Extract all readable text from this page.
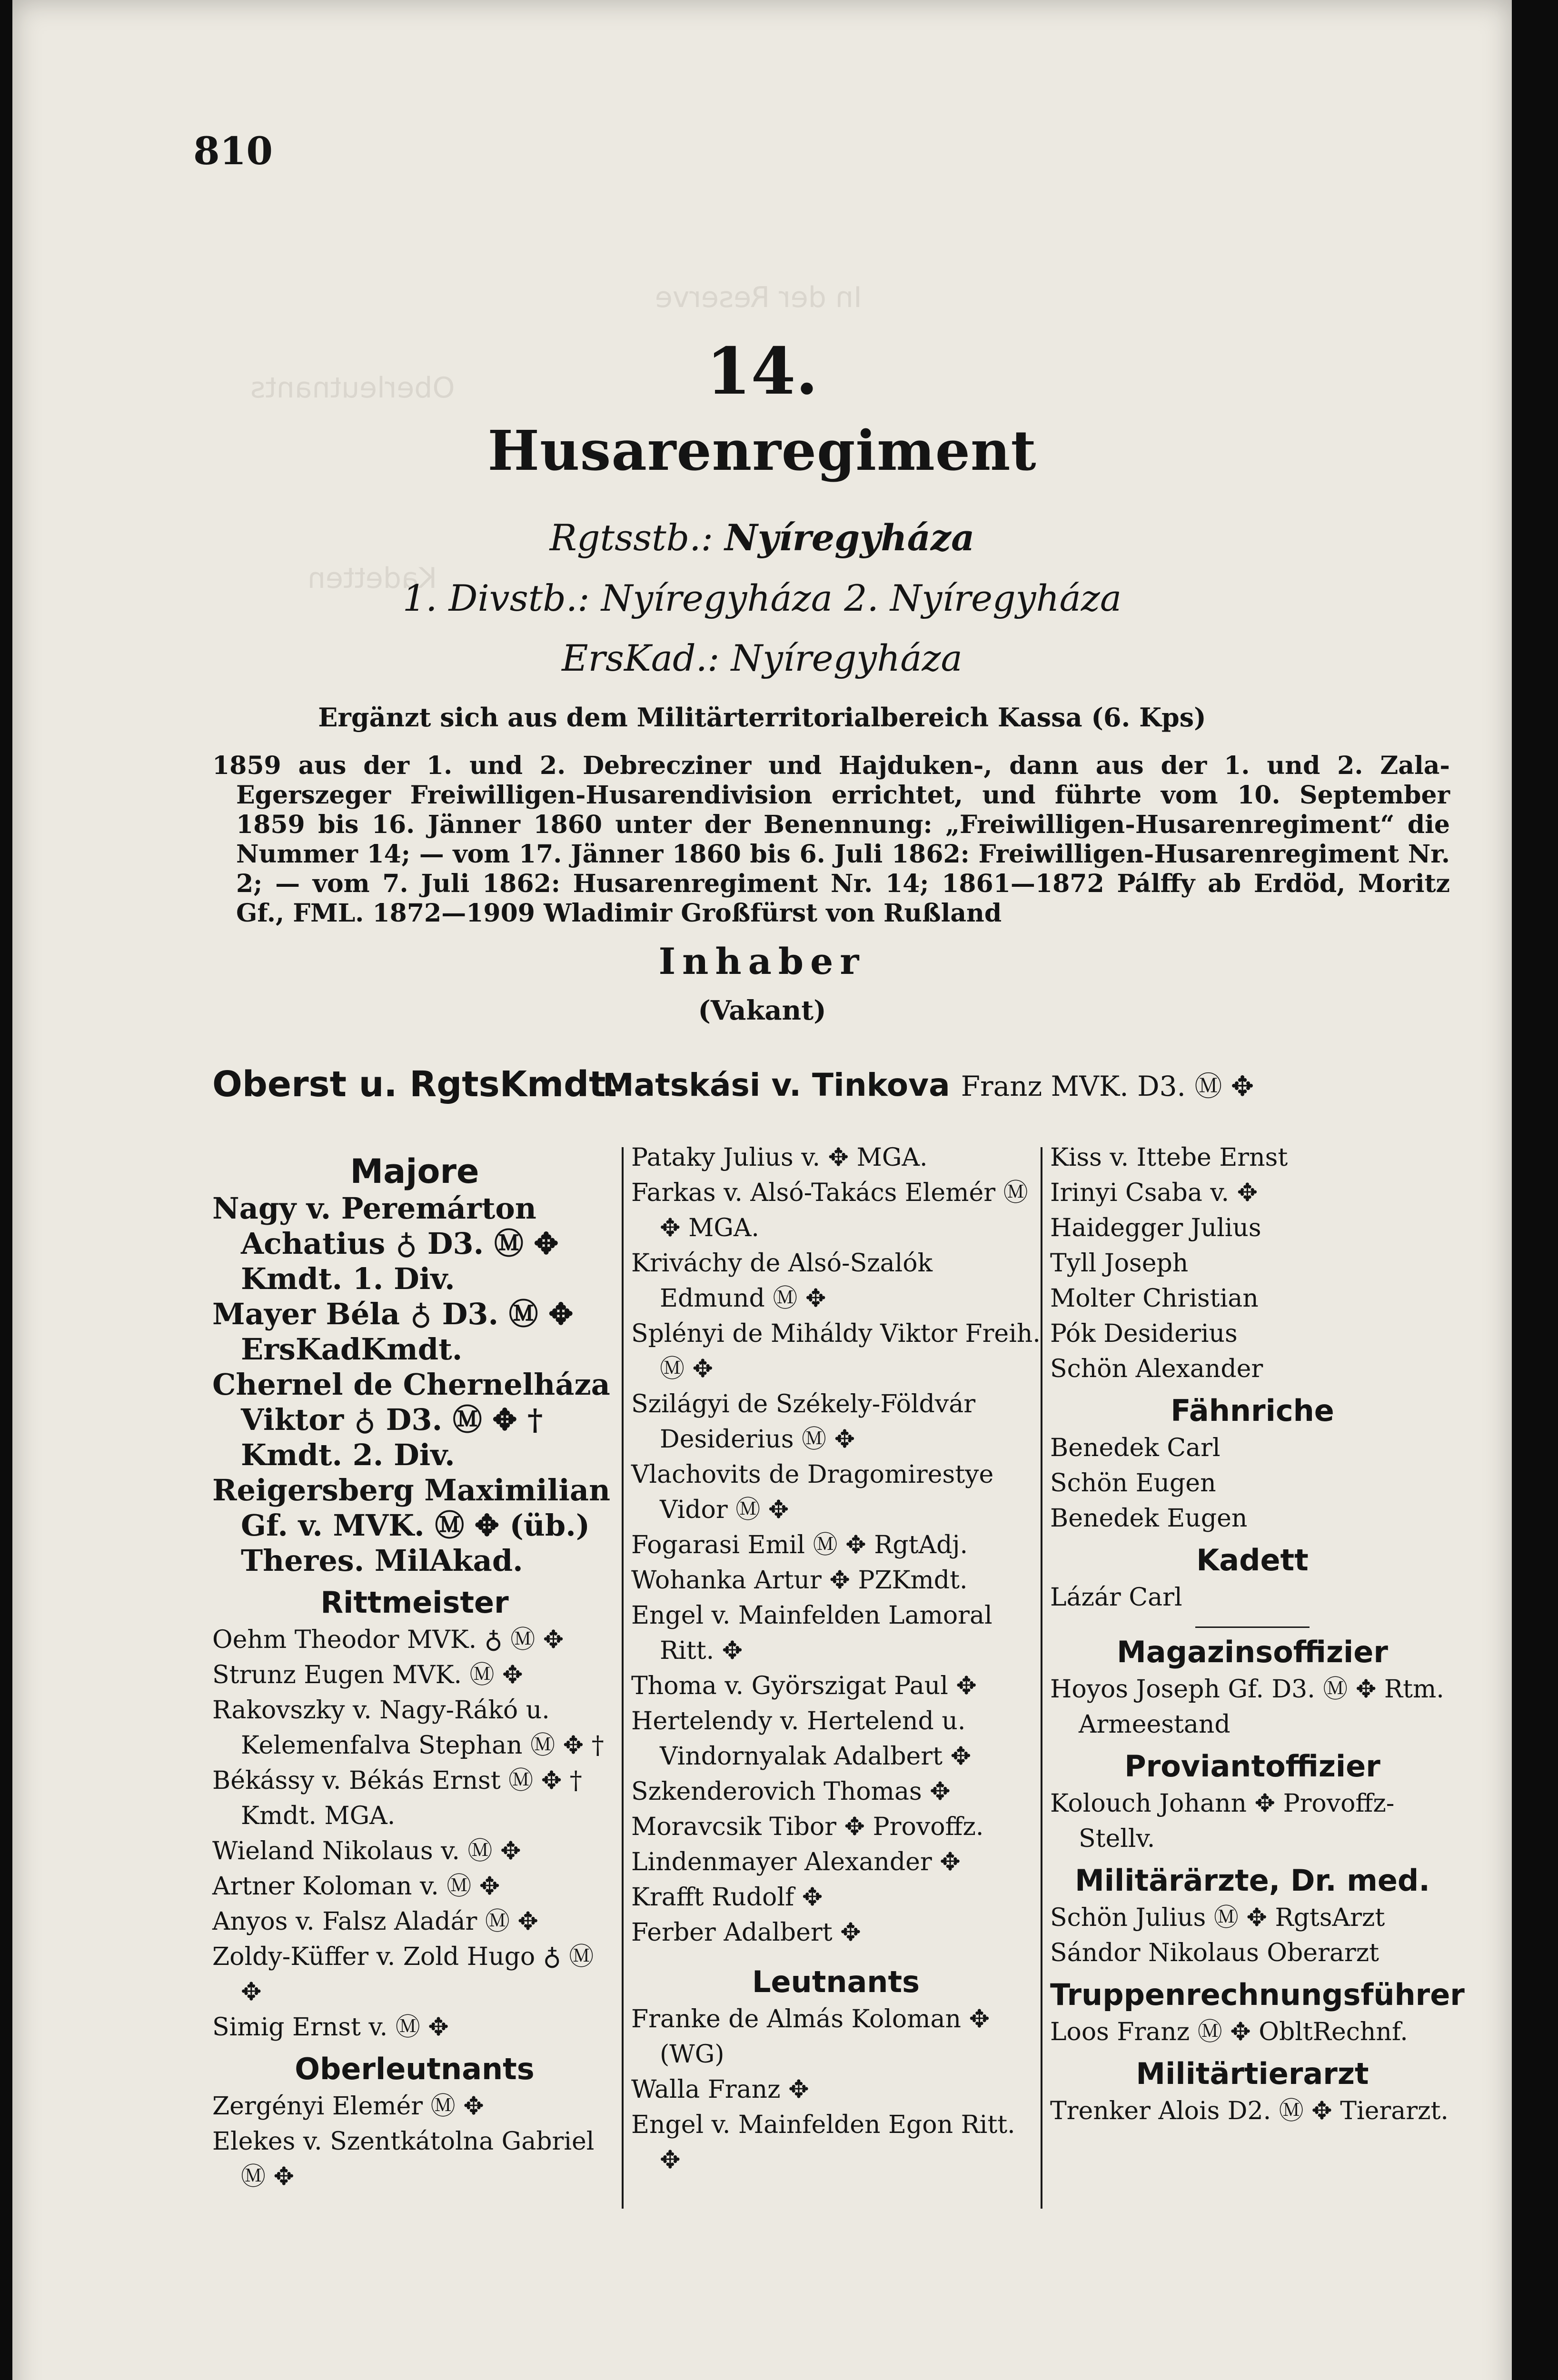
In der Reserve
Oberleutnants
Kadetten
810
14.
Husarenregiment
Rgtsstb.: Nyíregyháza
1. Divstb.: Nyíregyháza 2. Nyíregyháza
ErsKad.: Nyíregyháza
Ergänzt sich aus dem Militärterritorialbereich Kassa (6. Kps)

1859 aus der 1. und 2. Debrecziner und Hajduken-, dann aus der 1. und 2. Zala-Egerszeger Freiwilligen-Husarendivision errichtet, und führte vom 10. September 1859 bis 16. Jänner 1860 unter der Benennung: „Freiwilligen-Husarenregiment“ die Nummer 14; — vom 17. Jänner 1860 bis 6. Juli 1862: Freiwilligen-Husarenregiment Nr. 2; — vom 7. Juli 1862: Husarenregiment Nr. 14; 1861—1872 Pálffy ab Erdöd, Moritz Gf., FML. 1872—1909 Wladimir Großfürst von Rußland

Inhaber
(Vakant)
Oberst u. RgtsKmdt.
Matskási v. Tinkova Franz MVK. D3. Ⓜ ✥
Majore
Nagy v. Peremárton Achatius ♁ D3. Ⓜ ✥ Kmdt. 1. Div.
Mayer Béla ♁ D3. Ⓜ ✥ ErsKadKmdt.
Chernel de Chernelháza Viktor ♁ D3. Ⓜ ✥ † Kmdt. 2. Div.
Reigersberg Maximilian Gf. v. MVK. Ⓜ ✥ (üb.) Theres. MilAkad.
Rittmeister
Oehm Theodor MVK. ♁ Ⓜ ✥
Strunz Eugen MVK. Ⓜ ✥
Rakovszky v. Nagy-Rákó u. Kelemenfalva Stephan Ⓜ ✥ †
Békássy v. Békás Ernst Ⓜ ✥ † Kmdt. MGA.
Wieland Nikolaus v. Ⓜ ✥
Artner Koloman v. Ⓜ ✥
Anyos v. Falsz Aladár Ⓜ ✥
Zoldy-Küffer v. Zold Hugo ♁ Ⓜ ✥
Simig Ernst v. Ⓜ ✥
Oberleutnants
Zergényi Elemér Ⓜ ✥
Elekes v. Szentkátolna Gabriel Ⓜ ✥
Pataky Julius v. ✥ MGA.
Farkas v. Alsó-Takács Elemér Ⓜ ✥ MGA.
Kriváchy de Alsó-Szalók Edmund Ⓜ ✥
Splényi de Miháldy Viktor Freih. Ⓜ ✥
Szilágyi de Székely-Földvár Desiderius Ⓜ ✥
Vlachovits de Dragomirestye Vidor Ⓜ ✥
Fogarasi Emil Ⓜ ✥ RgtAdj.
Wohanka Artur ✥ PZKmdt.
Engel v. Mainfelden Lamoral Ritt. ✥
Thoma v. Györszigat Paul ✥
Hertelendy v. Hertelend u. Vindornyalak Adalbert ✥
Szkenderovich Thomas ✥
Moravcsik Tibor ✥ Provoffz.
Lindenmayer Alexander ✥
Krafft Rudolf ✥
Ferber Adalbert ✥
Leutnants
Franke de Almás Koloman ✥ (WG)
Walla Franz ✥
Engel v. Mainfelden Egon Ritt. ✥
Kiss v. Ittebe Ernst
Irinyi Csaba v. ✥
Haidegger Julius
Tyll Joseph
Molter Christian
Pók Desiderius
Schön Alexander
Fähnriche
Benedek Carl
Schön Eugen
Benedek Eugen
Kadett
Lázár Carl
Magazinsoffizier
Hoyos Joseph Gf. D3. Ⓜ ✥ Rtm. Armeestand
Proviantoffizier
Kolouch Johann ✥ Provoffz-Stellv.
Militärärzte, Dr. med.
Schön Julius Ⓜ ✥ RgtsArzt
Sándor Nikolaus Oberarzt
Truppenrechnungsführer
Loos Franz Ⓜ ✥ ObltRechnf.
Militärtierarzt
Trenker Alois D2. Ⓜ ✥ Tierarzt.
